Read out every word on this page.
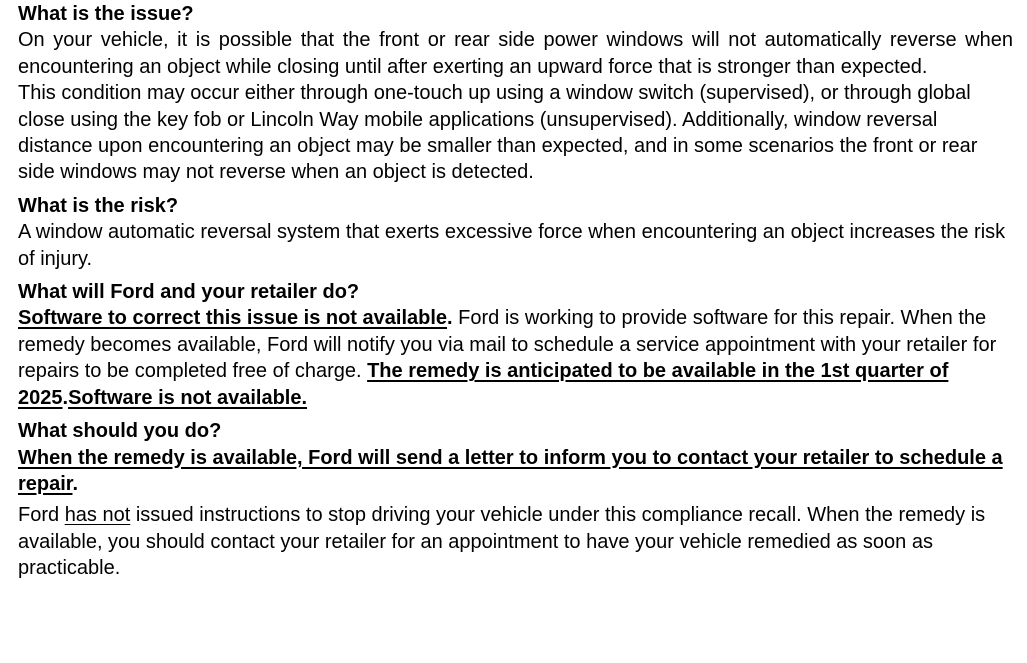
What is the issue?

On your vehicle, it is possible that the front or rear side power windows will not automatically reverse when encountering an object while closing until after exerting an upward force that is stronger than expected.

This condition may occur either through one-touch up using a window switch (supervised), or through global close using the key fob or Lincoln Way mobile applications (unsupervised). Additionally, window reversal distance upon encountering an object may be smaller than expected, and in some scenarios the front or rear side windows may not reverse when an object is detected.

What is the risk?

A window automatic reversal system that exerts excessive force when encountering an object increases the risk of injury.

What will Ford and your retailer do?

Software to correct this issue is not available. Ford is working to provide software for this repair. When the remedy becomes available, Ford will notify you via mail to schedule a service appointment with your retailer for repairs to be completed free of charge. The remedy is anticipated to be available in the 1st quarter of 2025.Software is not available.

What should you do?

When the remedy is available, Ford will send a letter to inform you to contact your retailer to schedule a repair.

Ford has not issued instructions to stop driving your vehicle under this compliance recall. When the remedy is available, you should contact your retailer for an appointment to have your vehicle remedied as soon as practicable.
